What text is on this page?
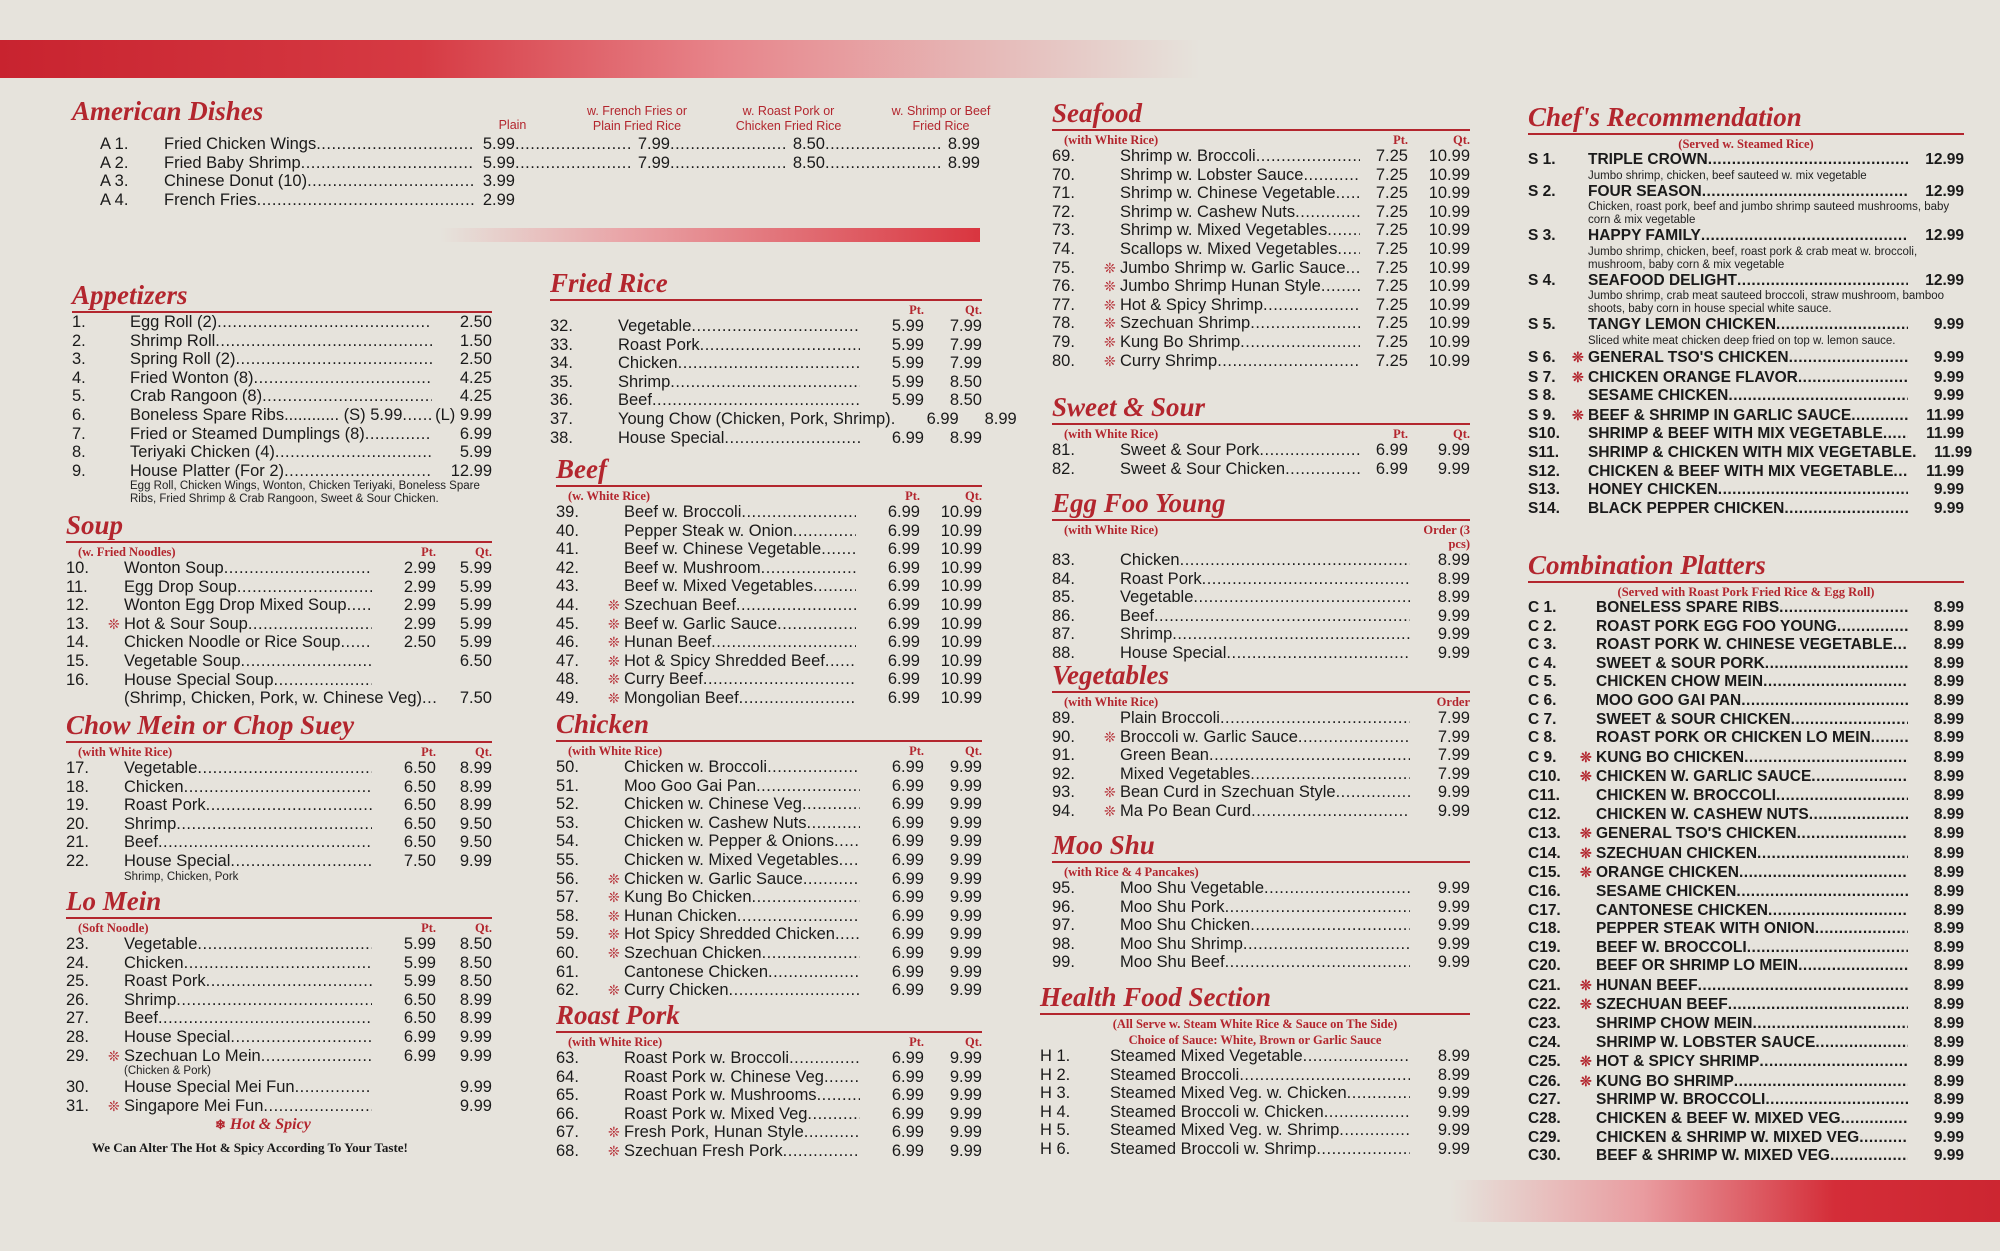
American Dishes	Plain
w. French Fries or Plain Fried Rice
w. Roast Pork or Chicken Fried Rice
w. Shrimp or Beef Fried Rice
A 1.	Fried Chicken Wings .....	5.99 .....	7.99 .....	8.50 .....	8.99
A 2.	Fried Baby Shrimp .....	5.99 .....	7.99 .....	8.50 .....	8.99
A 3.	Chinese Donut (10) .....	3.99
A 4.	French Fries .....	2.99
Appetizers
1.	Egg Roll (2) .....	2.50
2.	Shrimp Roll .....	1.50
3.	Spring Roll (2) .....	2.50
4.	Fried Wonton (8) .....	4.25
5.	Crab Rangoon (8) .....	4.25
6.	Boneless Spare Ribs............ (S) 5.99 ..... (L) 9.99
7.	Fried or Steamed Dumplings (8) .....	6.99
8.	Teriyaki Chicken (4) .....	5.99
9.	House Platter (For 2) .....	12.99
Egg Roll, Chicken Wings, Wonton, Chicken Teriyaki, Boneless Spare Ribs, Fried Shrimp & Crab Rangoon, Sweet & Sour Chicken.
Soup
(w. Fried Noodles)	Pt.	Qt.
10.	Wonton Soup .....	2.99	5.99
11.	Egg Drop Soup .....	2.99	5.99
12.	Wonton Egg Drop Mixed Soup .....	2.99	5.99
13.	❊ Hot & Sour Soup .....	2.99	5.99
14.	Chicken Noodle or Rice Soup .....	2.50	5.99
15.	Vegetable Soup .....	6.50
16.	House Special Soup
.....
(Shrimp, Chicken, Pork, w. Chinese Veg) .....	7.50
Chow Mein or Chop Suey
(with White Rice)	Pt.	Qt.
17.	Vegetable .....	6.50	8.99
18.	Chicken .....	6.50	8.99
19.	Roast Pork .....	6.50	8.99
20.	Shrimp .....	6.50	9.50
21.	Beef .....	6.50	9.50
22.	House Special .....	7.50	9.99
Shrimp, Chicken, Pork
Lo Mein
(Soft Noodle)	Pt.	Qt.
23.	Vegetable .....	5.99	8.50
24.	Chicken .....	5.99	8.50
25.	Roast Pork .....	5.99	8.50
26.	Shrimp .....	6.50	8.99
27.	Beef .....	6.50	8.99
28.	House Special .....	6.99	9.99
29.	❊ Szechuan Lo Mein .....	6.99	9.99
(Chicken & Pork)
30.	House Special Mei Fun .....	9.99
31.	❊ Singapore Mei Fun .....	9.99
❄ Hot & Spicy
We Can Alter The Hot & Spicy According To Your Taste!
Fried Rice
Pt.	Qt.
32.	Vegetable .....	5.99	7.99
33.	Roast Pork .....	5.99	7.99
34.	Chicken .....	5.99	7.99
35.	Shrimp .....	5.99	8.50
36.	Beef .....	5.99	8.50
37.	Young Chow (Chicken, Pork, Shrimp) .....	6.99	8.99
38.	House Special .....	6.99	8.99
Beef
(w. White Rice)	Pt.	Qt.
39.	Beef w. Broccoli .....	6.99	10.99
40.	Pepper Steak w. Onion .....	6.99	10.99
41.	Beef w. Chinese Vegetable .....	6.99	10.99
42.	Beef w. Mushroom .....	6.99	10.99
43.	Beef w. Mixed Vegetables .....	6.99	10.99
44.	❊ Szechuan Beef .....	6.99	10.99
45.	❊ Beef w. Garlic Sauce .....	6.99	10.99
46.	❊ Hunan Beef .....	6.99	10.99
47.	❊ Hot & Spicy Shredded Beef .....	6.99	10.99
48.	❊ Curry Beef .....	6.99	10.99
49.	❊ Mongolian Beef .....	6.99	10.99
Chicken
(with White Rice)	Pt.	Qt.
50.	Chicken w. Broccoli .....	6.99	9.99
51.	Moo Goo Gai Pan .....	6.99	9.99
52.	Chicken w. Chinese Veg .....	6.99	9.99
53.	Chicken w. Cashew Nuts .....	6.99	9.99
54.	Chicken w. Pepper & Onions .....	6.99	9.99
55.	Chicken w. Mixed Vegetables .....	6.99	9.99
56.	❊ Chicken w. Garlic Sauce .....	6.99	9.99
57.	❊ Kung Bo Chicken .....	6.99	9.99
58.	❊ Hunan Chicken .....	6.99	9.99
59.	❊ Hot Spicy Shredded Chicken .....	6.99	9.99
60.	❊ Szechuan Chicken .....	6.99	9.99
61.	Cantonese Chicken .....	6.99	9.99
62.	❊ Curry Chicken .....	6.99	9.99
Roast Pork
(with White Rice)	Pt.	Qt.
63.	Roast Pork w. Broccoli .....	6.99	9.99
64.	Roast Pork w. Chinese Veg .....	6.99	9.99
65.	Roast Pork w. Mushrooms .....	6.99	9.99
66.	Roast Pork w. Mixed Veg .....	6.99	9.99
67.	❊ Fresh Pork, Hunan Style .....	6.99	9.99
68.	❊ Szechuan Fresh Pork .....	6.99	9.99
Seafood
(with White Rice)	Pt.	Qt.
69.	Shrimp w. Broccoli .....	7.25	10.99
70.	Shrimp w. Lobster Sauce .....	7.25	10.99
71.	Shrimp w. Chinese Vegetable .....	7.25	10.99
72.	Shrimp w. Cashew Nuts .....	7.25	10.99
73.	Shrimp w. Mixed Vegetables .....	7.25	10.99
74.	Scallops w. Mixed Vegetables .....	7.25	10.99
75.	❊ Jumbo Shrimp w. Garlic Sauce .....	7.25	10.99
76.	❊ Jumbo Shrimp Hunan Style .....	7.25	10.99
77.	❊ Hot & Spicy Shrimp .....	7.25	10.99
78.	❊ Szechuan Shrimp .....	7.25	10.99
79.	❊ Kung Bo Shrimp .....	7.25	10.99
80.	❊ Curry Shrimp .....	7.25	10.99
Sweet & Sour
(with White Rice)	Pt.	Qt.
81.	Sweet & Sour Pork .....	6.99	9.99
82.	Sweet & Sour Chicken .....	6.99	9.99
Egg Foo Young
(with White Rice)	Order (3 pcs)
83.	Chicken .....	8.99
84.	Roast Pork .....	8.99
85.	Vegetable .....	8.99
86.	Beef .....	9.99
87.	Shrimp .....	9.99
88.	House Special .....	9.99
Vegetables
(with White Rice)	Order
89.	Plain Broccoli .....	7.99
90.	❊ Broccoli w. Garlic Sauce .....	7.99
91.	Green Bean .....	7.99
92.	Mixed Vegetables .....	7.99
93.	❊ Bean Curd in Szechuan Style .....	9.99
94.	❊ Ma Po Bean Curd .....	9.99
Moo Shu
(with Rice & 4 Pancakes)
95.	Moo Shu Vegetable .....	9.99
96.	Moo Shu Pork .....	9.99
97.	Moo Shu Chicken .....	9.99
98.	Moo Shu Shrimp .....	9.99
99.	Moo Shu Beef .....	9.99
Health Food Section
(All Serve w. Steam White Rice & Sauce on The Side)
Choice of Sauce: White, Brown or Garlic Sauce
H 1.	Steamed Mixed Vegetable .....	8.99
H 2.	Steamed Broccoli .....	8.99
H 3.	Steamed Mixed Veg. w. Chicken .....	9.99
H 4.	Steamed Broccoli w. Chicken .....	9.99
H 5.	Steamed Mixed Veg. w. Shrimp .....	9.99
H 6.	Steamed Broccoli w. Shrimp .....	9.99
Chef's Recommendation
(Served w. Steamed Rice)
S 1.	TRIPLE CROWN .....	12.99
Jumbo shrimp, chicken, beef sauteed w. mix vegetable
S 2.	FOUR SEASON .....	12.99
Chicken, roast pork, beef and jumbo shrimp sauteed mushrooms, baby corn & mix vegetable
S 3.	HAPPY FAMILY .....	12.99
Jumbo shrimp, chicken, beef, roast pork & crab meat w. broccoli, mushroom, baby corn & mix vegetable
S 4.	SEAFOOD DELIGHT .....	12.99
Jumbo shrimp, crab meat sauteed broccoli, straw mushroom, bamboo shoots, baby corn in house special white sauce.
S 5.	TANGY LEMON CHICKEN .....	9.99
Sliced white meat chicken deep fried on top w. lemon sauce.
S 6.	❊ GENERAL TSO'S CHICKEN .....	9.99
S 7.	❊ CHICKEN ORANGE FLAVOR .....	9.99
S 8.	SESAME CHICKEN .....	9.99
S 9.	❊ BEEF & SHRIMP IN GARLIC SAUCE .....	11.99
S10.	SHRIMP & BEEF WITH MIX VEGETABLE .....	11.99
S11.	SHRIMP & CHICKEN WITH MIX VEGETABLE .....	11.99
S12.	CHICKEN & BEEF WITH MIX VEGETABLE .....	11.99
S13.	HONEY CHICKEN .....	9.99
S14.	BLACK PEPPER CHICKEN .....	9.99
Combination Platters
(Served with Roast Pork Fried Rice & Egg Roll)
C 1.	BONELESS SPARE RIBS .....	8.99
C 2.	ROAST PORK EGG FOO YOUNG .....	8.99
C 3.	ROAST PORK W. CHINESE VEGETABLE .....	8.99
C 4.	SWEET & SOUR PORK .....	8.99
C 5.	CHICKEN CHOW MEIN .....	8.99
C 6.	MOO GOO GAI PAN .....	8.99
C 7.	SWEET & SOUR CHICKEN .....	8.99
C 8.	ROAST PORK OR CHICKEN LO MEIN .....	8.99
C 9.	❊ KUNG BO CHICKEN .....	8.99
C10.	❊ CHICKEN W. GARLIC SAUCE .....	8.99
C11.	CHICKEN W. BROCCOLI .....	8.99
C12.	CHICKEN W. CASHEW NUTS .....	8.99
C13.	❊ GENERAL TSO'S CHICKEN .....	8.99
C14.	❊ SZECHUAN CHICKEN .....	8.99
C15.	❊ ORANGE CHICKEN .....	8.99
C16.	SESAME CHICKEN .....	8.99
C17.	CANTONESE CHICKEN .....	8.99
C18.	PEPPER STEAK WITH ONION .....	8.99
C19.	BEEF W. BROCCOLI .....	8.99
C20.	BEEF OR SHRIMP LO MEIN .....	8.99
C21.	❊ HUNAN BEEF .....	8.99
C22.	❊ SZECHUAN BEEF .....	8.99
C23.	SHRIMP CHOW MEIN .....	8.99
C24.	SHRIMP W. LOBSTER SAUCE .....	8.99
C25.	❊ HOT & SPICY SHRIMP .....	8.99
C26.	❊ KUNG BO SHRIMP .....	8.99
C27.	SHRIMP W. BROCCOLI .....	8.99
C28.	CHICKEN & BEEF W. MIXED VEG .....	9.99
C29.	CHICKEN & SHRIMP W. MIXED VEG .....	9.99
C30.	BEEF & SHRIMP W. MIXED VEG .....	9.99
